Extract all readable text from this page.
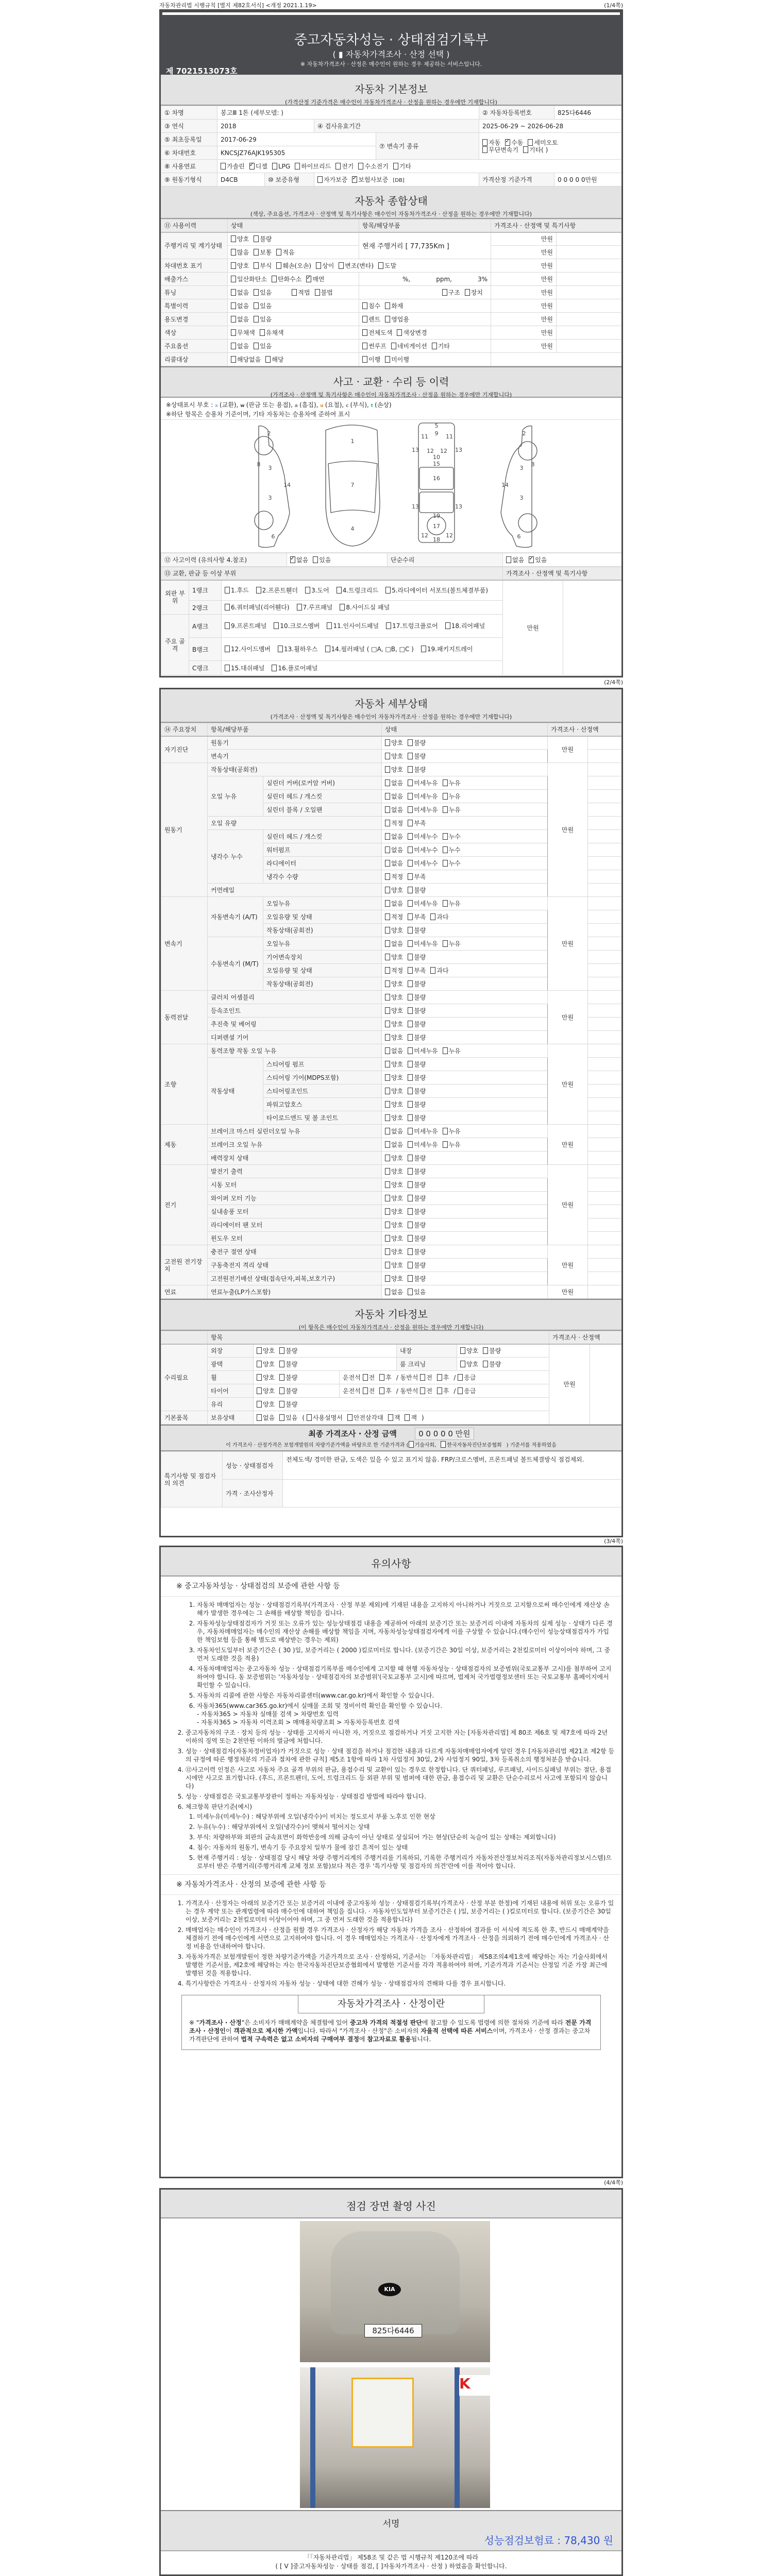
자동차관리법 시행규칙 [별지 제82호서식] <개정 2021.1.19>	(1/4쪽)
중고자동차성능 · 상태점검기록부
( ▮ 자동차가격조사 · 산정 선택 )
※ 자동차가격조사 · 산정은 매수인이 원하는 경우 제공하는 서비스입니다.
제 7021513073호
자동차 기본정보
(가격산정 기준가격은 매수인이 자동차가격조사 · 산정을 원하는 경우에만 기재합니다)
① 차명	봉고Ⅲ 1톤 (세부모델: )				② 자동차등록번호	825다6446
③ 연식	2018		④ 검사유효기간		2025-06-29 ~ 2026-06-28	
⑤ 최초등록일	2017-06-29			⑦ 변속기 종류	자동 ✓ 수동 세미오토
무단변속기 기타( )
⑥ 차대번호	KNCSJZ76AJK195305					
⑧ 사용연료	가솔린 ✓ 디젤 LPG 하이브리드 전기 수소전기 기타
⑨ 원동기형식	D4CB	⑩ 보증유형	자가보증 ✓ 보험사보증 [DB]		가격산정 기준가격	0 0 0 0 0만원
자동차 종합상태
(색상, 주요옵션, 가격조사 · 산정액 및 특기사항은 매수인이 자동차가격조사 · 산정을 원하는 경우에만 기재합니다)
⑪ 사용이력	상태	항목/해당부품	가격조사 · 산정액 및 특기사항	
주행거리 및 계기상태	양호 불량	현재 주행거리 [ 77,735Km ]	만원	
	많음 보통 적음		만원	
차대번호 표기	양호 부식 훼손(오손) 상이 변조(변타) 도말		만원	
배출가스	일산화탄소 탄화수소 ✓ 매연	%, ppm, 3%	만원	
튜닝	없음 있음 적법 불법	구조 장치	만원	
특별이력	없음 있음	침수 화재	만원	
용도변경	없음 있음	렌트 영업용	만원	
색상	무채색 유채색	전체도색 색상변경	만원	
주요옵션	없음 있음	썬루프 네비게이션 기타	만원	
리콜대상	해당없음 해당	이행 미이행		
사고 · 교환 · 수리 등 이력
(가격조사 · 산정액 및 특기사항은 매수인이 자동차가격조사 · 산정을 원하는 경우에만 기재합니다)
※상태표시 부호 : x (교환), w (판금 또는 용접), a (흠집), u (요철), c (부식), t (손상)
※하단 항목은 승용차 기준이며, 기타 자동차는 승용차에 준하여 표시
2
8
3
14
3
6
1
7
4
5
9
11	11
13	13
12 12
10
15
16
13	13
19
17
12	12
18
2
8
3
14
3
6
⑫ 사고이력 (유의사항 4.참조)	✓없음 있음	단순수리	없음 ✓ 있음
⑬ 교환, 판금 등 이상 부위			가격조사 · 산정액 및 특기사항	
외판 부위	1랭크	1.후드 2.프론트휀더 3.도어 4.트렁크리드 5.라디에이터 서포트(볼트체결부품)	만원	
	2랭크	6.쿼터패널(리어휀다) 7.루프패널 8.사이드실 패널		
주요 골격	A랭크	9.프론트패널 10.크로스멤버 11.인사이드패널 17.트렁크플로어 18.리어패널		
	B랭크	12.사이드멤버 13.휠하우스 14.필러패널 ( □A, □B, □C ) 19.패키지트레이		
	C랭크	15.대쉬패널 16.플로어패널		
(2/4쪽)
자동차 세부상태
(가격조사 · 산정액 및 특기사항은 매수인이 자동차가격조사 · 산정을 원하는 경우에만 기재합니다)
⑭ 주요장치	항목/해당부품		상태	가격조사 · 산정액	
자기진단	원동기		양호 불량	만원	
	변속기		양호 불량		
원동기	작동상태(공회전)		양호 불량	만원	
	오일 누유	실린더 커버(로커암 커버)	없음 미세누유 누유		
		실린더 헤드 / 개스킷	없음 미세누유 누유		
		실린더 블록 / 오일팬	없음 미세누유 누유		
	오일 유량		적정 부족		
	냉각수 누수	실린더 헤드 / 개스킷	없음 미세누수 누수		
		워터펌프	없음 미세누수 누수		
		라디에이터	없음 미세누수 누수		
		냉각수 수량	적정 부족		
	커먼레일		양호 불량		
변속기	자동변속기 (A/T)	오일누유	없음 미세누유 누유	만원	
		오일유량 및 상태	적정 부족 과다		
		작동상태(공회전)	양호 불량		
	수동변속기 (M/T)	오일누유	없음 미세누유 누유		
		기어변속장치	양호 불량		
		오일유량 및 상태	적정 부족 과다		
		작동상태(공회전)	양호 불량		
동력전달	클러치 어셈블리		양호 불량	만원	
	등속조인트		양호 불량		
	추진축 및 베어링		양호 불량		
	디퍼렌셜 기어		양호 불량		
조향	동력조향 작동 오일 누유		없음 미세누유 누유	만원	
	작동상태	스티어링 펌프	양호 불량		
		스티어링 기어(MDPS포함)	양호 불량		
		스티어링조인트	양호 불량		
		파워고압호스	양호 불량		
		타이로드엔드 및 볼 조인트	양호 불량		
제동	브레이크 마스터 실린더오일 누유		없음 미세누유 누유	만원	
	브레이크 오일 누유		없음 미세누유 누유		
	배력장치 상태		양호 불량		
전기	발전기 출력		양호 불량	만원	
	시동 모터		양호 불량		
	와이퍼 모터 기능		양호 불량		
	실내송풍 모터		양호 불량		
	라디에이터 팬 모터		양호 불량		
	윈도우 모터		양호 불량		
고전원 전기장치	충전구 절연 상태		양호 불량	만원	
	구동축전지 격리 상태		양호 불량		
	고전원전기배선 상태(접속단자,피복,보호기구)		양호 불량		
연료	연료누출(LP가스포함)		없음 있음	만원	
자동차 기타정보
(이 항목은 매수인이 자동차가격조사 · 산정을 원하는 경우에만 기재합니다)
	항목					가격조사 · 산정액	
수리필요	외장	양호 불량		내장	양호 불량	만원	
	광택	양호 불량		룸 크리닝	양호 불량		
	휠	양호 불량	운전석 전 후 / 동반석 전 후 / 응급				
	타이어	양호 불량	운전석 전 후 / 동반석 전 후 / 응급				
	유리	양호 불량					
기본품목	보유상태	없음 있음 ( 사용설명서 안전삼각대 잭 잭 )					
최종 가격조사 · 산정 금액	0 0 0 0 0 만원
이 가격조사 · 산정가격은 보험개발원의 차량기준가액을 바탕으로 한 기준가격과 ( 기술사회, 한국자동차진단보증협회 ) 기준서를 적용하였음
특기사항 및 점검자의 의견	성능 · 상태점검자	전체도색/ 경미한 판금, 도색은 있을 수 있고 표기치 않음. FRP/크로스멤버, 프론트패널 볼트체결방식 점검제외.
	가격 · 조사산정자	
(3/4쪽)
유의사항
※ 중고자동차성능 · 상태점검의 보증에 관한 사항 등
1. 자동차 매매업자는 성능 · 상태점검기록부(가격조사 · 산정 부분 제외)에 기재된 내용을 고지하지 아니하거나 거짓으로 고지함으로써 매수인에게 재산상 손해가 발생한 경우에는 그 손해를 배상할 책임을 집니다.
2. 자동차성능상태점검자가 거짓 또는 오류가 있는 성능상태점검 내용을 제공하여 아래의 보증기간 또는 보증거리 이내에 자동차의 실제 성능 · 상태가 다른 경우, 자동차매매업자는 매수인의 재산상 손해를 배상할 책임을 지며, 자동차성능상태점검자에게 이를 구상할 수 있습니다.(매수인이 성능상태점검자가 가입한 책임보험 등을 통해 별도로 배상받는 경우는 제외)
3. 자동차인도일부터 보증기간은 ( 30 )일, 보증거리는 ( 2000 )킬로미터로 합니다. (보증기간은 30일 이상, 보증거리는 2천킬로미터 이상이어야 하며, 그 중 먼저 도래한 것을 적용)
4. 자동차매매업자는 중고자동차 성능 · 상태점검기록부를 매수인에게 고지할 때 현행 자동차성능 · 상태점검자의 보증범위(국토교통부 고시)를 첨부하여 고지하여야 합니다. 동 보증범위는 '자동차성능 · 상태점검자의 보증범위'(국토교통부 고시)에 따르며, 법제처 국가법령정보센터 또는 국토교통부 홈페이지에서 확인할 수 있습니다.
5. 자동차의 리콜에 관한 사항은 자동차리콜센터(www.car.go.kr)에서 확인할 수 있습니다.
6. 자동차365(www.car365.go.kr)에서 실매물 조회 및 정비이력 확인을 확인할 수 있습니다.
- 자동차365 > 자동차 실매물 검색 > 차량번호 입력
- 자동차365 > 자동차 이력조회 > 매매용차량조회 > 자동차등록번호 검색
2. 중고자동차의 구조 · 장치 등의 성능 · 상태를 고지하지 아니한 자, 거짓으로 점검하거나 거짓 고지한 자는 [자동차관리법] 제 80조 제6호 및 제7호에 따라 2년 이하의 징역 또는 2천만원 이하의 벌금에 처합니다.
3. 성능 · 상태점검자(자동차정비업자)가 거짓으로 성능 · 상태 점검을 하거나 점검한 내용과 다르게 자동차매매업자에게 알린 경우 [자동차관리법 제21조 제2항 등의 규정에 따른 행정처분의 기준과 절차에 관한 규칙] 제5조 1항에 따라 1차 사업정지 30일, 2차 사업정지 90일, 3차 등록취소의 행정처분을 받습니다.
4. ⑫사고이력 인정은 사고로 자동차 주요 골격 부위의 판금, 용접수리 및 교환이 있는 경우로 한정합니다. 단 쿼터패널, 루프패널, 사이드실패널 부위는 절단, 용접 시에만 사고로 표기합니다. (후드, 프론트펜더, 도어, 트렁크리드 등 외판 부위 및 범퍼에 대한 판금, 용접수리 및 교환은 단순수리로서 사고에 포함되지 않습니다)
5. 성능 · 상태점검은 국토교통부장관이 정하는 자동차성능 · 상태점검 방법에 따라야 합니다.
6. 체크항목 판단기준(예시)
1. 미세누유(미세누수) : 해당부위에 오일(냉각수)이 비치는 정도로서 부품 노후로 인한 현상
2. 누유(누수) : 해당부위에서 오일(냉각수)이 맺혀서 떨어지는 상태
3. 부식: 차량하부와 외판의 금속표면이 화학반응에 의해 금속이 아닌 상태로 상실되어 가는 현상(단순히 녹슬어 있는 상태는 제외합니다)
4. 침수: 자동차의 원동기, 변속기 등 주요장치 일부가 물에 잠긴 흔적이 있는 상태
5. 현재 주행거리 : 성능 · 상태점검 당시 해당 차량 주행거리계의 주행거리를 기록하되, 기록한 주행거리가 자동차전산정보처리조직(자동차관리정보시스템)으로부터 받은 주행거리(주행거리계 교체 정보 포함)보다 적은 경우 '특기사항 및 점검자의 의견'란에 이를 적어야 합니다.
※ 자동차가격조사 · 산정의 보증에 관한 사항 등
1. 가격조사 · 산정자는 아래의 보증기간 또는 보증거리 이내에 중고자동차 성능 · 상태점검기록부(가격조사 · 산정 부분 한정)에 기재된 내용에 허위 또는 오류가 있는 경우 계약 또는 관계법령에 따라 매수인에 대하여 책임을 집니다. · 자동차인도일부터 보증기간은 ( )일, 보증거리는 ( )킬로미터로 합니다. (보증기간은 30일 이상, 보증거리는 2천킬로미터 이상이어야 하며, 그 중 먼저 도래한 것을 적용합니다)
2. 매매업자는 매수인이 가격조사 · 산정을 원할 경우 가격조사 · 산정자가 해당 자동차 가격을 조사 · 산정하여 결과를 이 서식에 적도록 한 후, 반드시 매매계약을 체결하기 전에 매수인에게 서면으로 고지하여야 합니다. 이 경우 매매업자는 가격조사 · 산정자에게 가격조사 · 산정을 의뢰하기 전에 매수인에게 가격조사 · 산정 비용을 안내하여야 합니다.
3. 자동차가격은 보험개발원이 정한 차량기준가액을 기준가격으로 조사 · 산정하되, 기준서는 「자동차관리법」 제58조의4제1호에 해당하는 자는 기술사회에서 발행한 기준서를, 제2호에 해당하는 자는 한국자동차진단보증협회에서 발행한 기준서를 각각 적용하여야 하며, 기준가격과 기준서는 산정일 기준 가장 최근에 발행된 것을 적용합니다.
4. 특기사항란은 가격조사 · 산정자의 자동차 성능 · 상태에 대한 견해가 성능 · 상태점검자의 견해와 다를 경우 표시합니다.
자동차가격조사 · 산정이란
※ "가격조사 · 산정"은 소비자가 매매계약을 체결함에 있어 중고차 가격의 적절성 판단에 참고할 수 있도록 법령에 의한 절차와 기준에 따라 전문 가격조사 · 산정인이 객관적으로 제시한 가액입니다. 따라서 "가격조사 · 산정"은 소비자의 자율적 선택에 따른 서비스이며, 가격조사 · 산정 결과는 중고차 가격판단에 관하여 법적 구속력은 없고 소비자의 구매여부 결정에 참고자료로 활용됩니다.
(4/4쪽)
점검 장면 촬영 사진
KIA
825다6446
K
서명
성능점검보험료 : 78,430 원
「「자동차관리법」 제58조 및 같은 법 시행규칙 제120조에 따라
( [ V ]중고자동차성능 · 상태를 점검, [ ]자동차가격조사 · 산정 ) 하였음을 확인합니다.
